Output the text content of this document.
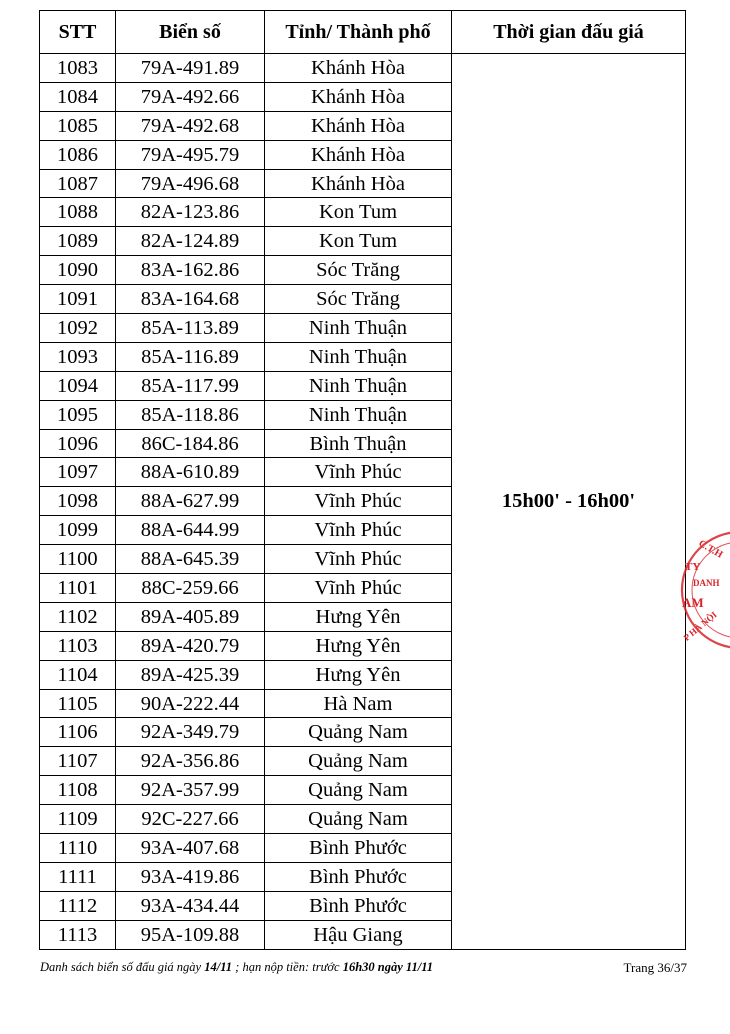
STT	Biển số	Tỉnh/ Thành phố	Thời gian đấu giá
1083	79A-491.89	Khánh Hòa	15h00' - 16h00'
1084	79A-492.66	Khánh Hòa	
1085	79A-492.68	Khánh Hòa	
1086	79A-495.79	Khánh Hòa	
1087	79A-496.68	Khánh Hòa	
1088	82A-123.86	Kon Tum	
1089	82A-124.89	Kon Tum	
1090	83A-162.86	Sóc Trăng	
1091	83A-164.68	Sóc Trăng	
1092	85A-113.89	Ninh Thuận	
1093	85A-116.89	Ninh Thuận	
1094	85A-117.99	Ninh Thuận	
1095	85A-118.86	Ninh Thuận	
1096	86C-184.86	Bình Thuận	
1097	88A-610.89	Vĩnh Phúc	
1098	88A-627.99	Vĩnh Phúc	
1099	88A-644.99	Vĩnh Phúc	
1100	88A-645.39	Vĩnh Phúc	
1101	88C-259.66	Vĩnh Phúc	
1102	89A-405.89	Hưng Yên	
1103	89A-420.79	Hưng Yên	
1104	89A-425.39	Hưng Yên	
1105	90A-222.44	Hà Nam	
1106	92A-349.79	Quảng Nam	
1107	92A-356.86	Quảng Nam	
1108	92A-357.99	Quảng Nam	
1109	92C-227.66	Quảng Nam	
1110	93A-407.68	Bình Phước	
1111	93A-419.86	Bình Phước	
1112	93A-434.44	Bình Phước	
1113	95A-109.88	Hậu Giang	
Danh sách biển số đấu giá ngày 14/11 ; hạn nộp tiền: trước 16h30 ngày 11/11	Trang 36/37
C.T.H
TY
DANH
AM
P HÀ NỘI
